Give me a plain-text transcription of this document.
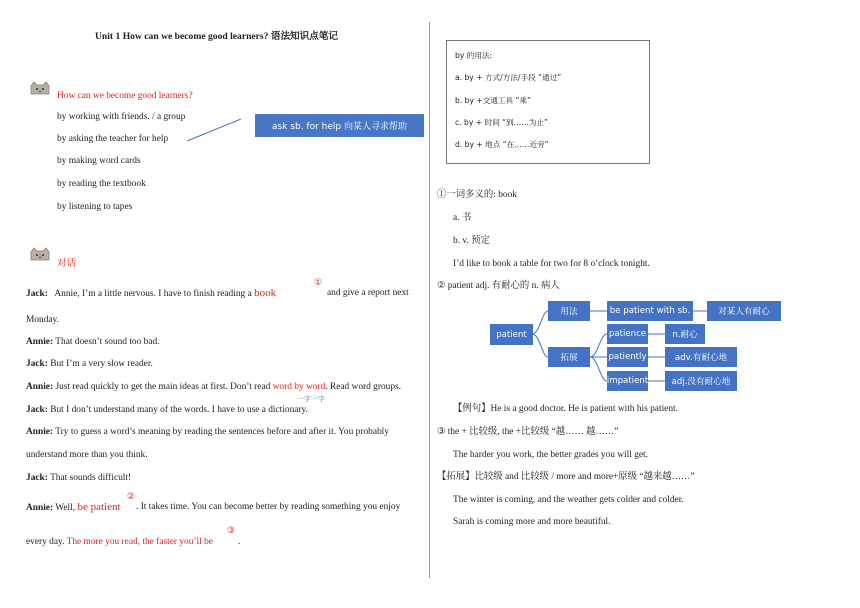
Unit 1 How can we become good learners? 语法知识点笔记
How can we become good learners?
by working with friends. / a group
by asking the teacher for help
by making word cards
by reading the textbook
by listening to tapes
ask sb. for help 向某人寻求帮助
对话
Jack: Annie, I’m a little nervous. I have to finish reading a book
①
and give a report next
Monday.
Annie: That doesn’t sound too bad.
Jack: But I’m a very slow reader.
Annie: Just read quickly to get the main ideas at first. Don’t read word by word. Read word groups.
一字一字
Jack: But I don’t understand many of the words. I have to use a dictionary.
Annie: Try to guess a word’s meaning by reading the sentences before and after it. You probably
understand more than you think.
Jack: That sounds difficult!
Annie: Well, be patient
②
. It takes time. You can become better by reading something you enjoy
every day. The more you read, the faster you’ll be
③
.
by 的用法:
a. by + 方式/方法/手段 “通过”
b. by +交通工具 “乘”
c. by + 时间 “到……为止”
d. by + 地点 “在……近旁”
①一词多义的: book
a. 书
b. v. 预定
I’d like to book a table for two for 8 o’clock tonight.
② patient adj. 有耐心的 n. 病人
patient
用法
拓展
be patient with sb.	对某人有耐心
patience	n.耐心
patiently	adv.有耐心地
impatient	adj.没有耐心地
【例句】He is a good doctor. He is patient with his patient.
③ the + 比较级, the +比较级 “越…… 越……”
The harder you work, the better grades you will get.
【拓展】比较级 and 比较级 / more and more+原级 “越来越……”
The winter is coming, and the weather gets colder and colder.
Sarah is coming more and more beautiful.
